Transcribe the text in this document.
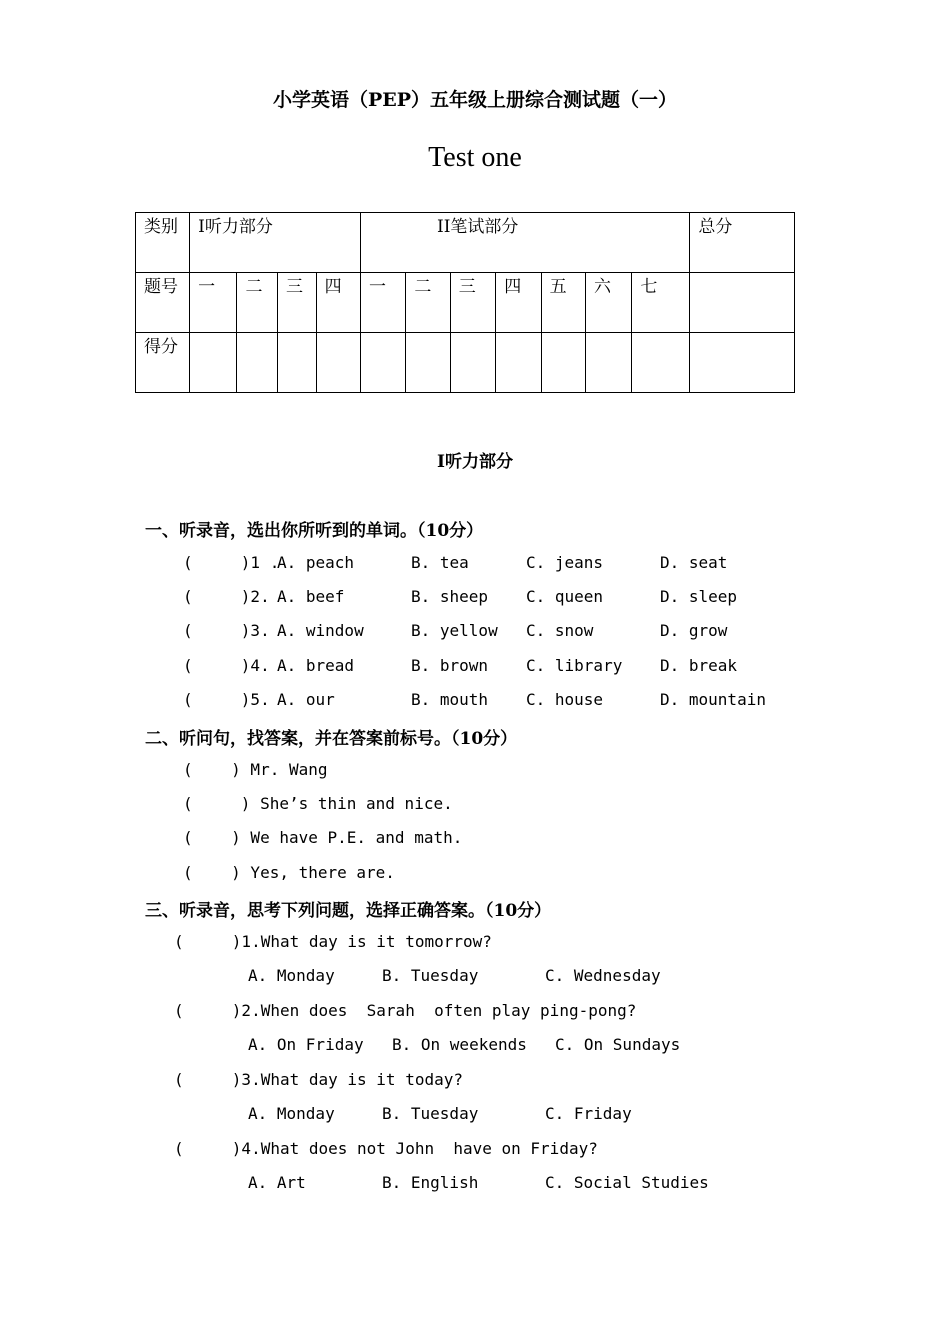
小学英语（PEP）五年级上册综合测试题（一）
Test one
类别	I听力部分				II笔试部分							总分
题号	一	二	三	四	一	二	三	四	五	六	七	
得分												
I听力部分
一、听录音，选出你所听到的单词。（10分）
(     )1 .
A. peach	B. tea	C. jeans	D. seat
(     )2. A. beef	B. sheep C. queen	D. sleep
(     )3. A. window	B. yellow C. snow	D. grow
(     )4. A. bread	B. brown C. library D. break
(     )5. A. our	B. mouth C. house	D. mountain
二、听问句，找答案，并在答案前标号。（10分）
(    ) Mr. Wang
(     ) She’s thin and nice.
(    ) We have P.E. and math.
(    ) Yes, there are.
三、听录音，思考下列问题，选择正确答案。（10分）
(     )1.What day is it tomorrow?
A. Monday	B. Tuesday	C. Wednesday
(     )2.When does  Sarah  often play ping-pong?
A. On Friday B. On weekends C. On Sundays
(     )3.What day is it today?
A. Monday	B. Tuesday	C. Friday
(     )4.What does not John  have on Friday?
A. Art	B. English	C. Social Studies
